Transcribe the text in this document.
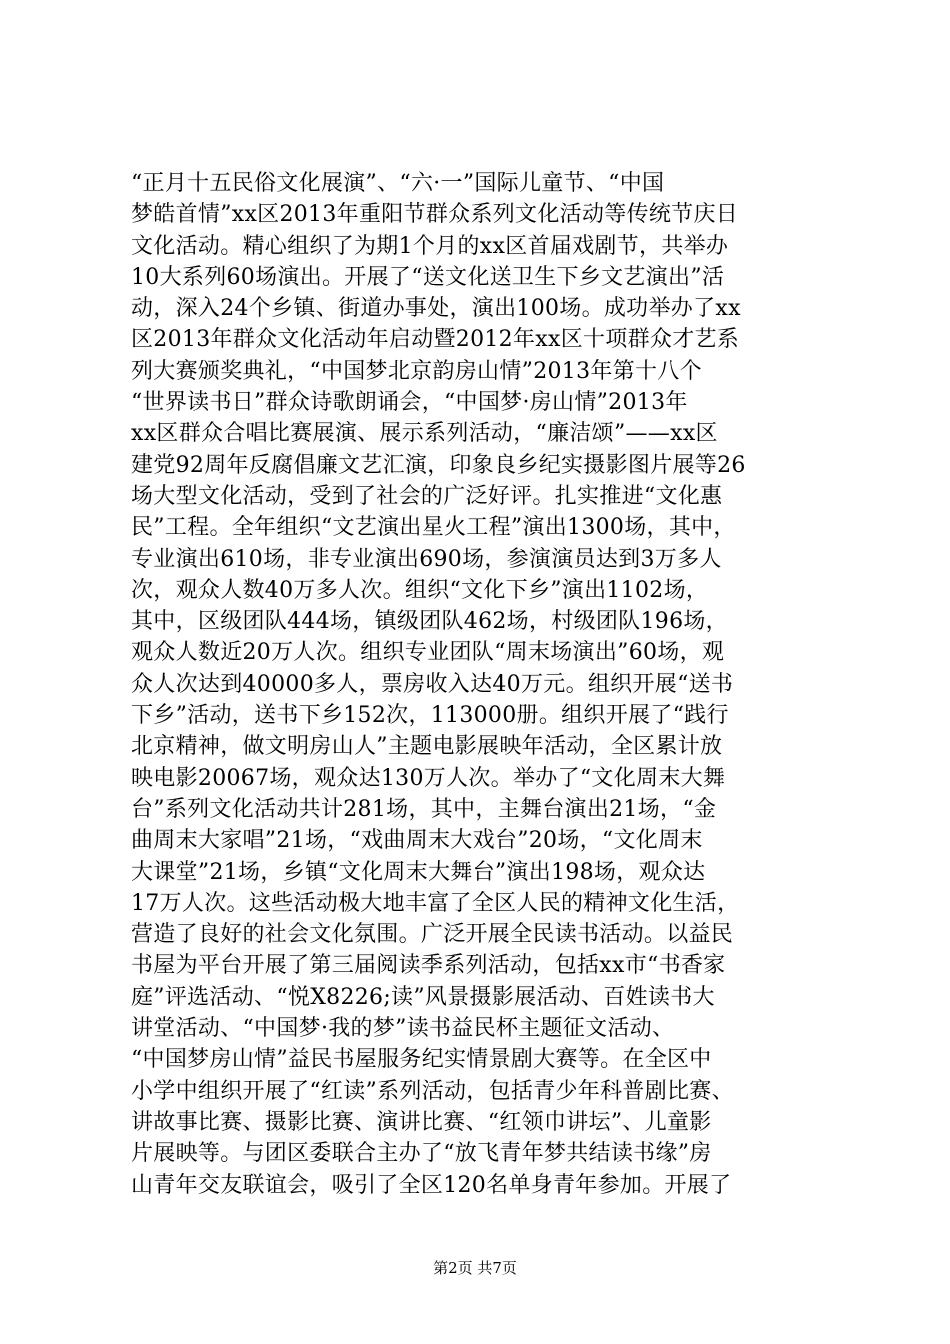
“正月十五民俗文化展演”、“六·一”国际儿童节、“中国
梦皓首情”xx区2013年重阳节群众系列文化活动等传统节庆日
文化活动。精心组织了为期1个月的xx区首届戏剧节，共举办
10大系列60场演出。开展了“送文化送卫生下乡文艺演出”活
动，深入24个乡镇、街道办事处，演出100场。成功举办了xx
区2013年群众文化活动年启动暨2012年xx区十项群众才艺系
列大赛颁奖典礼，“中国梦北京韵房山情”2013年第十八个
“世界读书日”群众诗歌朗诵会，“中国梦·房山情”2013年
xx区群众合唱比赛展演、展示系列活动，“廉洁颂”——xx区
建党92周年反腐倡廉文艺汇演，印象良乡纪实摄影图片展等26
场大型文化活动，受到了社会的广泛好评。扎实推进“文化惠
民”工程。全年组织“文艺演出星火工程”演出1300场，其中，
专业演出610场，非专业演出690场，参演演员达到3万多人
次，观众人数40万多人次。组织“文化下乡”演出1102场，
其中，区级团队444场，镇级团队462场，村级团队196场，
观众人数近20万人次。组织专业团队“周末场演出”60场，观
众人次达到40000多人，票房收入达40万元。组织开展“送书
下乡”活动，送书下乡152次，113000册。组织开展了“践行
北京精神，做文明房山人”主题电影展映年活动，全区累计放
映电影20067场，观众达130万人次。举办了“文化周末大舞
台”系列文化活动共计281场，其中，主舞台演出21场，“金
曲周末大家唱”21场，“戏曲周末大戏台”20场，“文化周末
大课堂”21场，乡镇“文化周末大舞台”演出198场，观众达
17万人次。这些活动极大地丰富了全区人民的精神文化生活，
营造了良好的社会文化氛围。广泛开展全民读书活动。以益民
书屋为平台开展了第三届阅读季系列活动，包括xx市“书香家
庭”评选活动、“悦X8226;读”风景摄影展活动、百姓读书大
讲堂活动、“中国梦·我的梦”读书益民杯主题征文活动、
“中国梦房山情”益民书屋服务纪实情景剧大赛等。在全区中
小学中组织开展了“红读”系列活动，包括青少年科普剧比赛、
讲故事比赛、摄影比赛、演讲比赛、“红领巾讲坛”、儿童影
片展映等。与团区委联合主办了“放飞青年梦共结读书缘”房
山青年交友联谊会，吸引了全区120名单身青年参加。开展了
第2页 共7页
